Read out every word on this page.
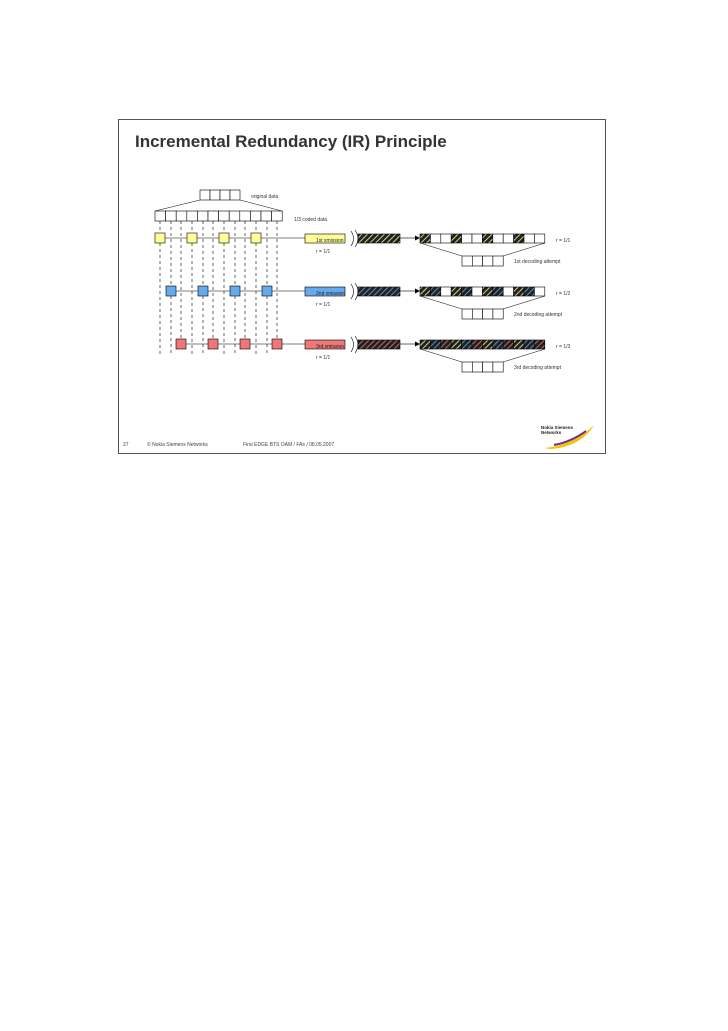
Incremental Redundancy (IR) Principle
original data
1/3 coded data
1st xmission
2nd xmission
3rd xmission
r = 1/1
r = 1/1
r = 1/1
r = 1/1
r = 1/2
r = 1/3
1st decoding attempt
2nd decoding attempt
3rd decoding attempt
27	© Nokia Siemens Networks	First EDGE BTS OAM / FAs / 08.05.2007
Nokia Siemens
Networks
